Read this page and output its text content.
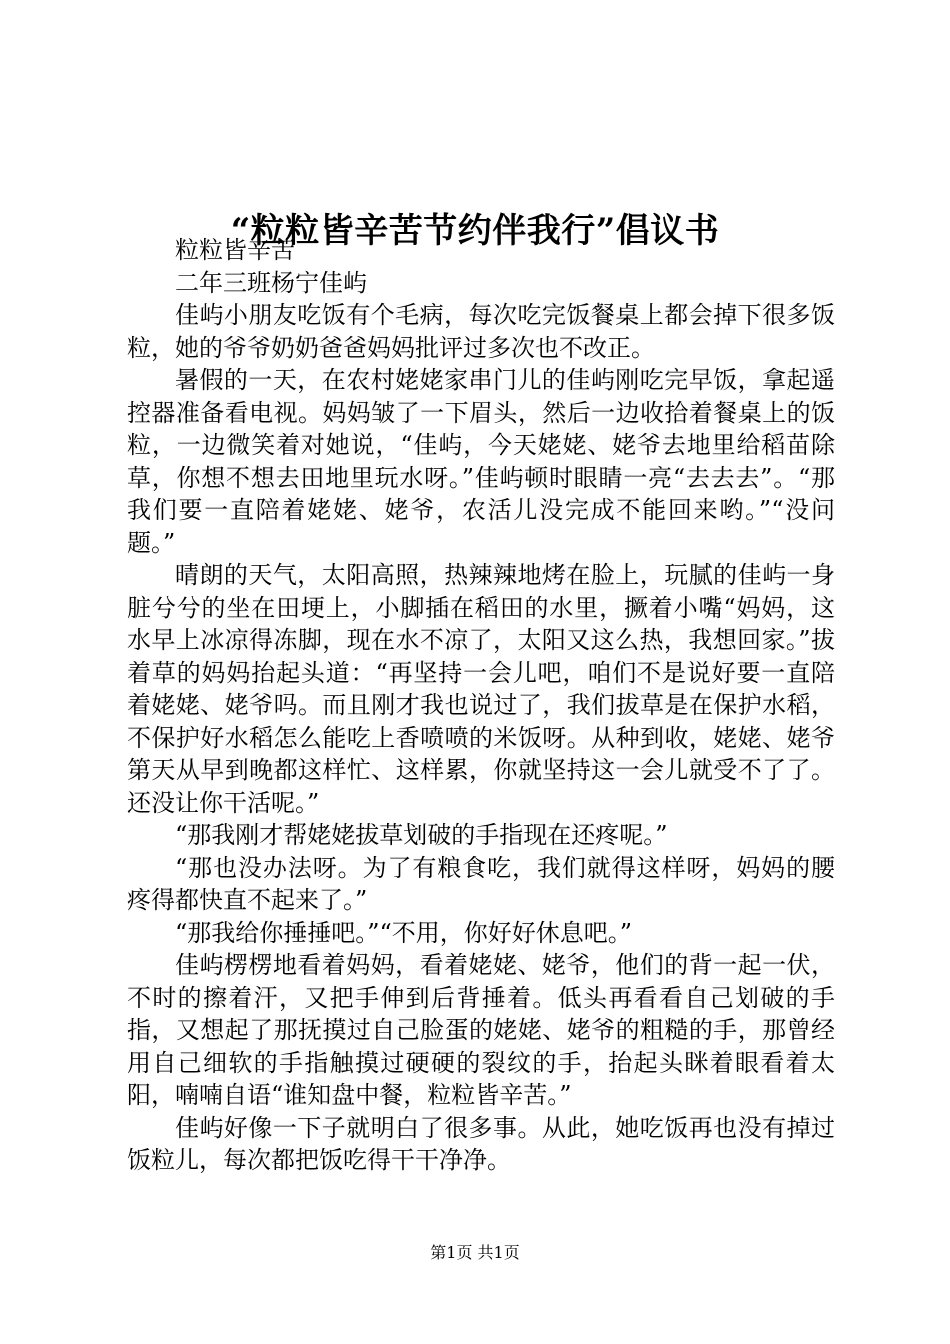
“粒粒皆辛苦节约伴我行”倡议书

粒粒皆辛苦

二年三班杨宁佳屿

佳屿小朋友吃饭有个毛病，每次吃完饭餐桌上都会掉下很多饭粒，她的爷爷奶奶爸爸妈妈批评过多次也不改正。

暑假的一天，在农村姥姥家串门儿的佳屿刚吃完早饭，拿起遥控器准备看电视。妈妈皱了一下眉头，然后一边收拾着餐桌上的饭粒，一边微笑着对她说，“佳屿，今天姥姥、姥爷去地里给稻苗除草，你想不想去田地里玩水呀。”佳屿顿时眼睛一亮“去去去”。“那我们要一直陪着姥姥、姥爷，农活儿没完成不能回来哟。”“没问题。”

晴朗的天气，太阳高照，热辣辣地烤在脸上，玩腻的佳屿一身脏兮兮的坐在田埂上，小脚插在稻田的水里，撅着小嘴“妈妈，这水早上冰凉得冻脚，现在水不凉了，太阳又这么热，我想回家。”拔着草的妈妈抬起头道：“再坚持一会儿吧，咱们不是说好要一直陪着姥姥、姥爷吗。而且刚才我也说过了，我们拔草是在保护水稻，不保护好水稻怎么能吃上香喷喷的米饭呀。从种到收，姥姥、姥爷第天从早到晚都这样忙、这样累，你就坚持这一会儿就受不了了。还没让你干活呢。”

“那我刚才帮姥姥拔草划破的手指现在还疼呢。”

“那也没办法呀。为了有粮食吃，我们就得这样呀，妈妈的腰疼得都快直不起来了。”

“那我给你捶捶吧。”“不用，你好好休息吧。”

佳屿楞楞地看着妈妈，看着姥姥、姥爷，他们的背一起一伏，不时的擦着汗，又把手伸到后背捶着。低头再看看自己划破的手指，又想起了那抚摸过自己脸蛋的姥姥、姥爷的粗糙的手，那曾经用自己细软的手指触摸过硬硬的裂纹的手，抬起头眯着眼看着太阳，喃喃自语“谁知盘中餐，粒粒皆辛苦。”

佳屿好像一下子就明白了很多事。从此，她吃饭再也没有掉过饭粒儿，每次都把饭吃得干干净净。

第1页 共1页
